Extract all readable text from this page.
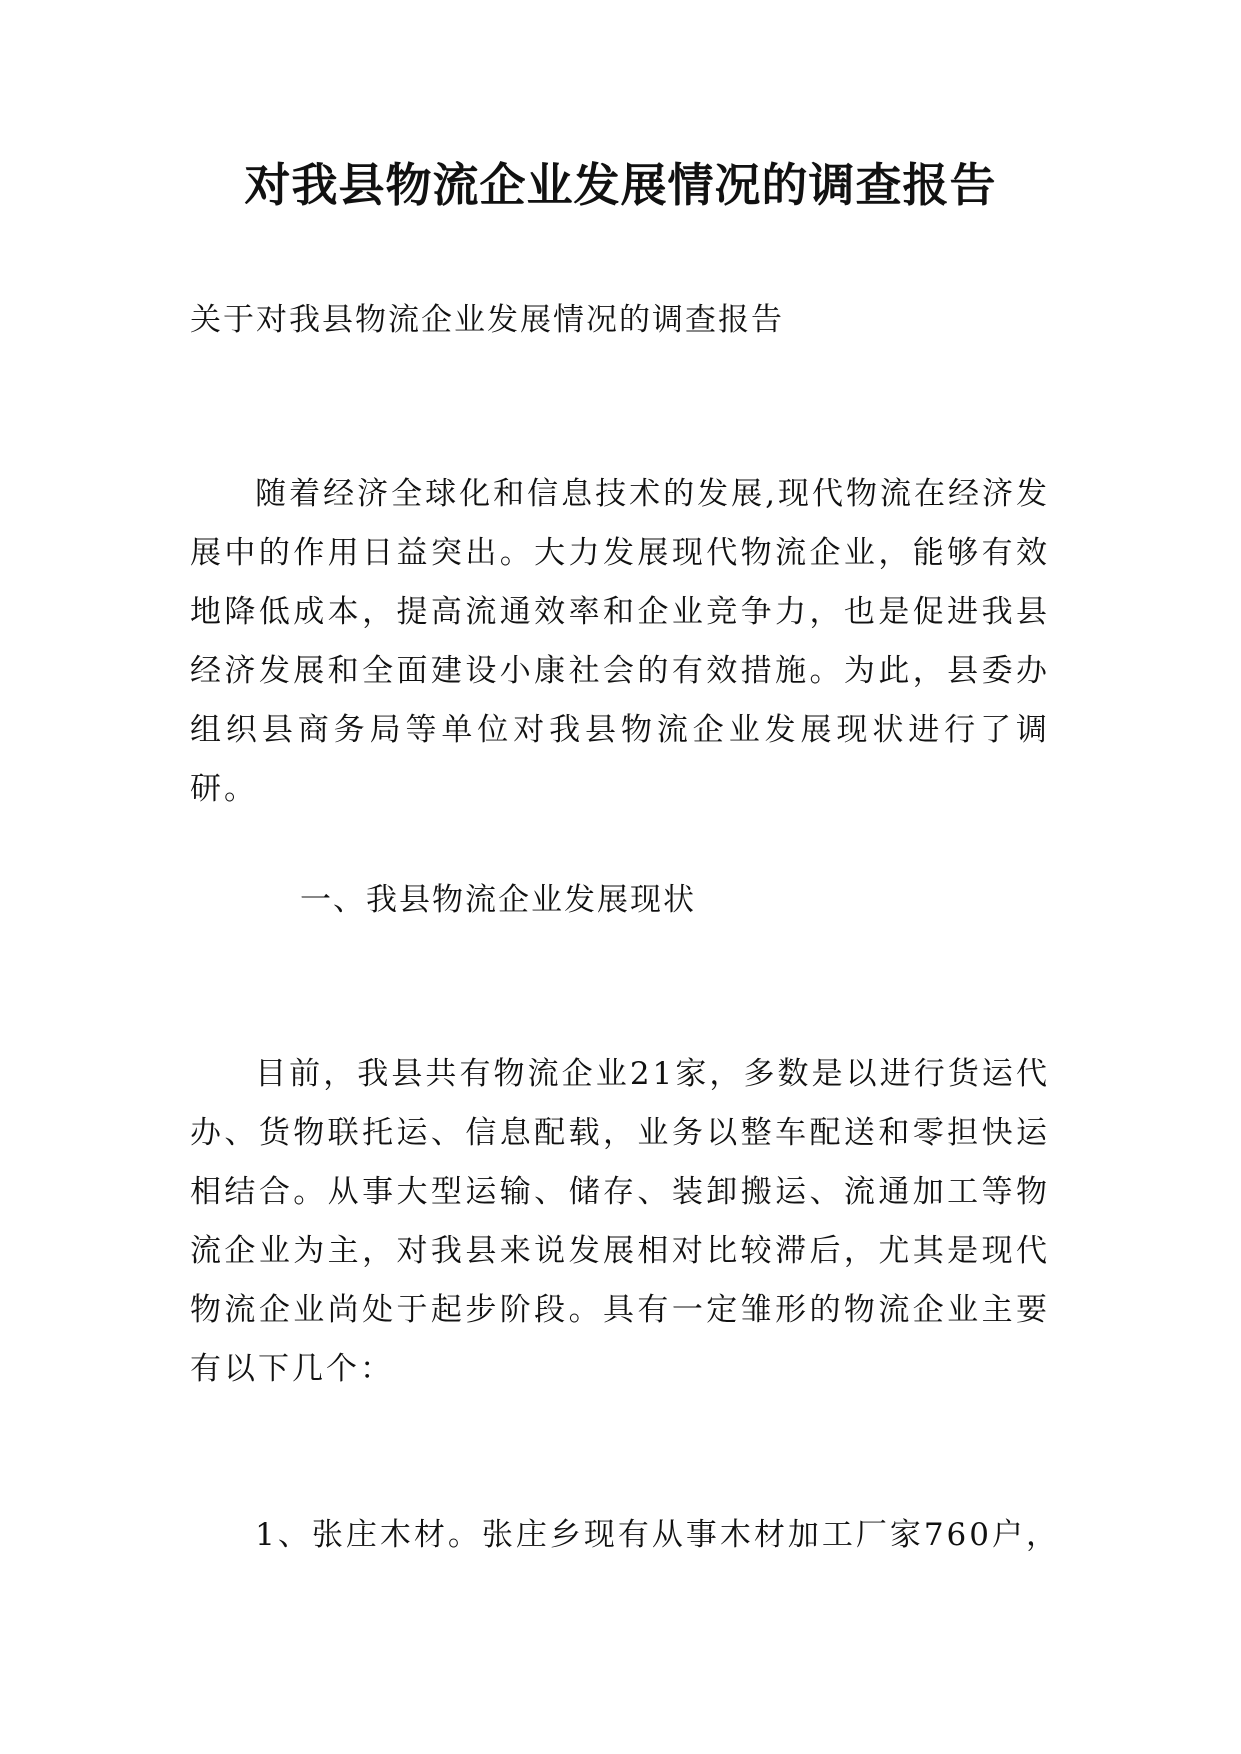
对我县物流企业发展情况的调查报告

关于对我县物流企业发展情况的调查报告

随着经济全球化和信息技术的发展,现代物流在经济发展中的作用日益突出。大力发展现代物流企业，能够有效地降低成本，提高流通效率和企业竞争力，也是促进我县经济发展和全面建设小康社会的有效措施。为此，县委办组织县商务局等单位对我县物流企业发展现状进行了调研。

一、我县物流企业发展现状

目前，我县共有物流企业21家，多数是以进行货运代办、货物联托运、信息配载，业务以整车配送和零担快运相结合。从事大型运输、储存、装卸搬运、流通加工等物流企业为主，对我县来说发展相对比较滞后，尤其是现代物流企业尚处于起步阶段。具有一定雏形的物流企业主要有以下几个：

1、张庄木材。张庄乡现有从事木材加工厂家760户，
